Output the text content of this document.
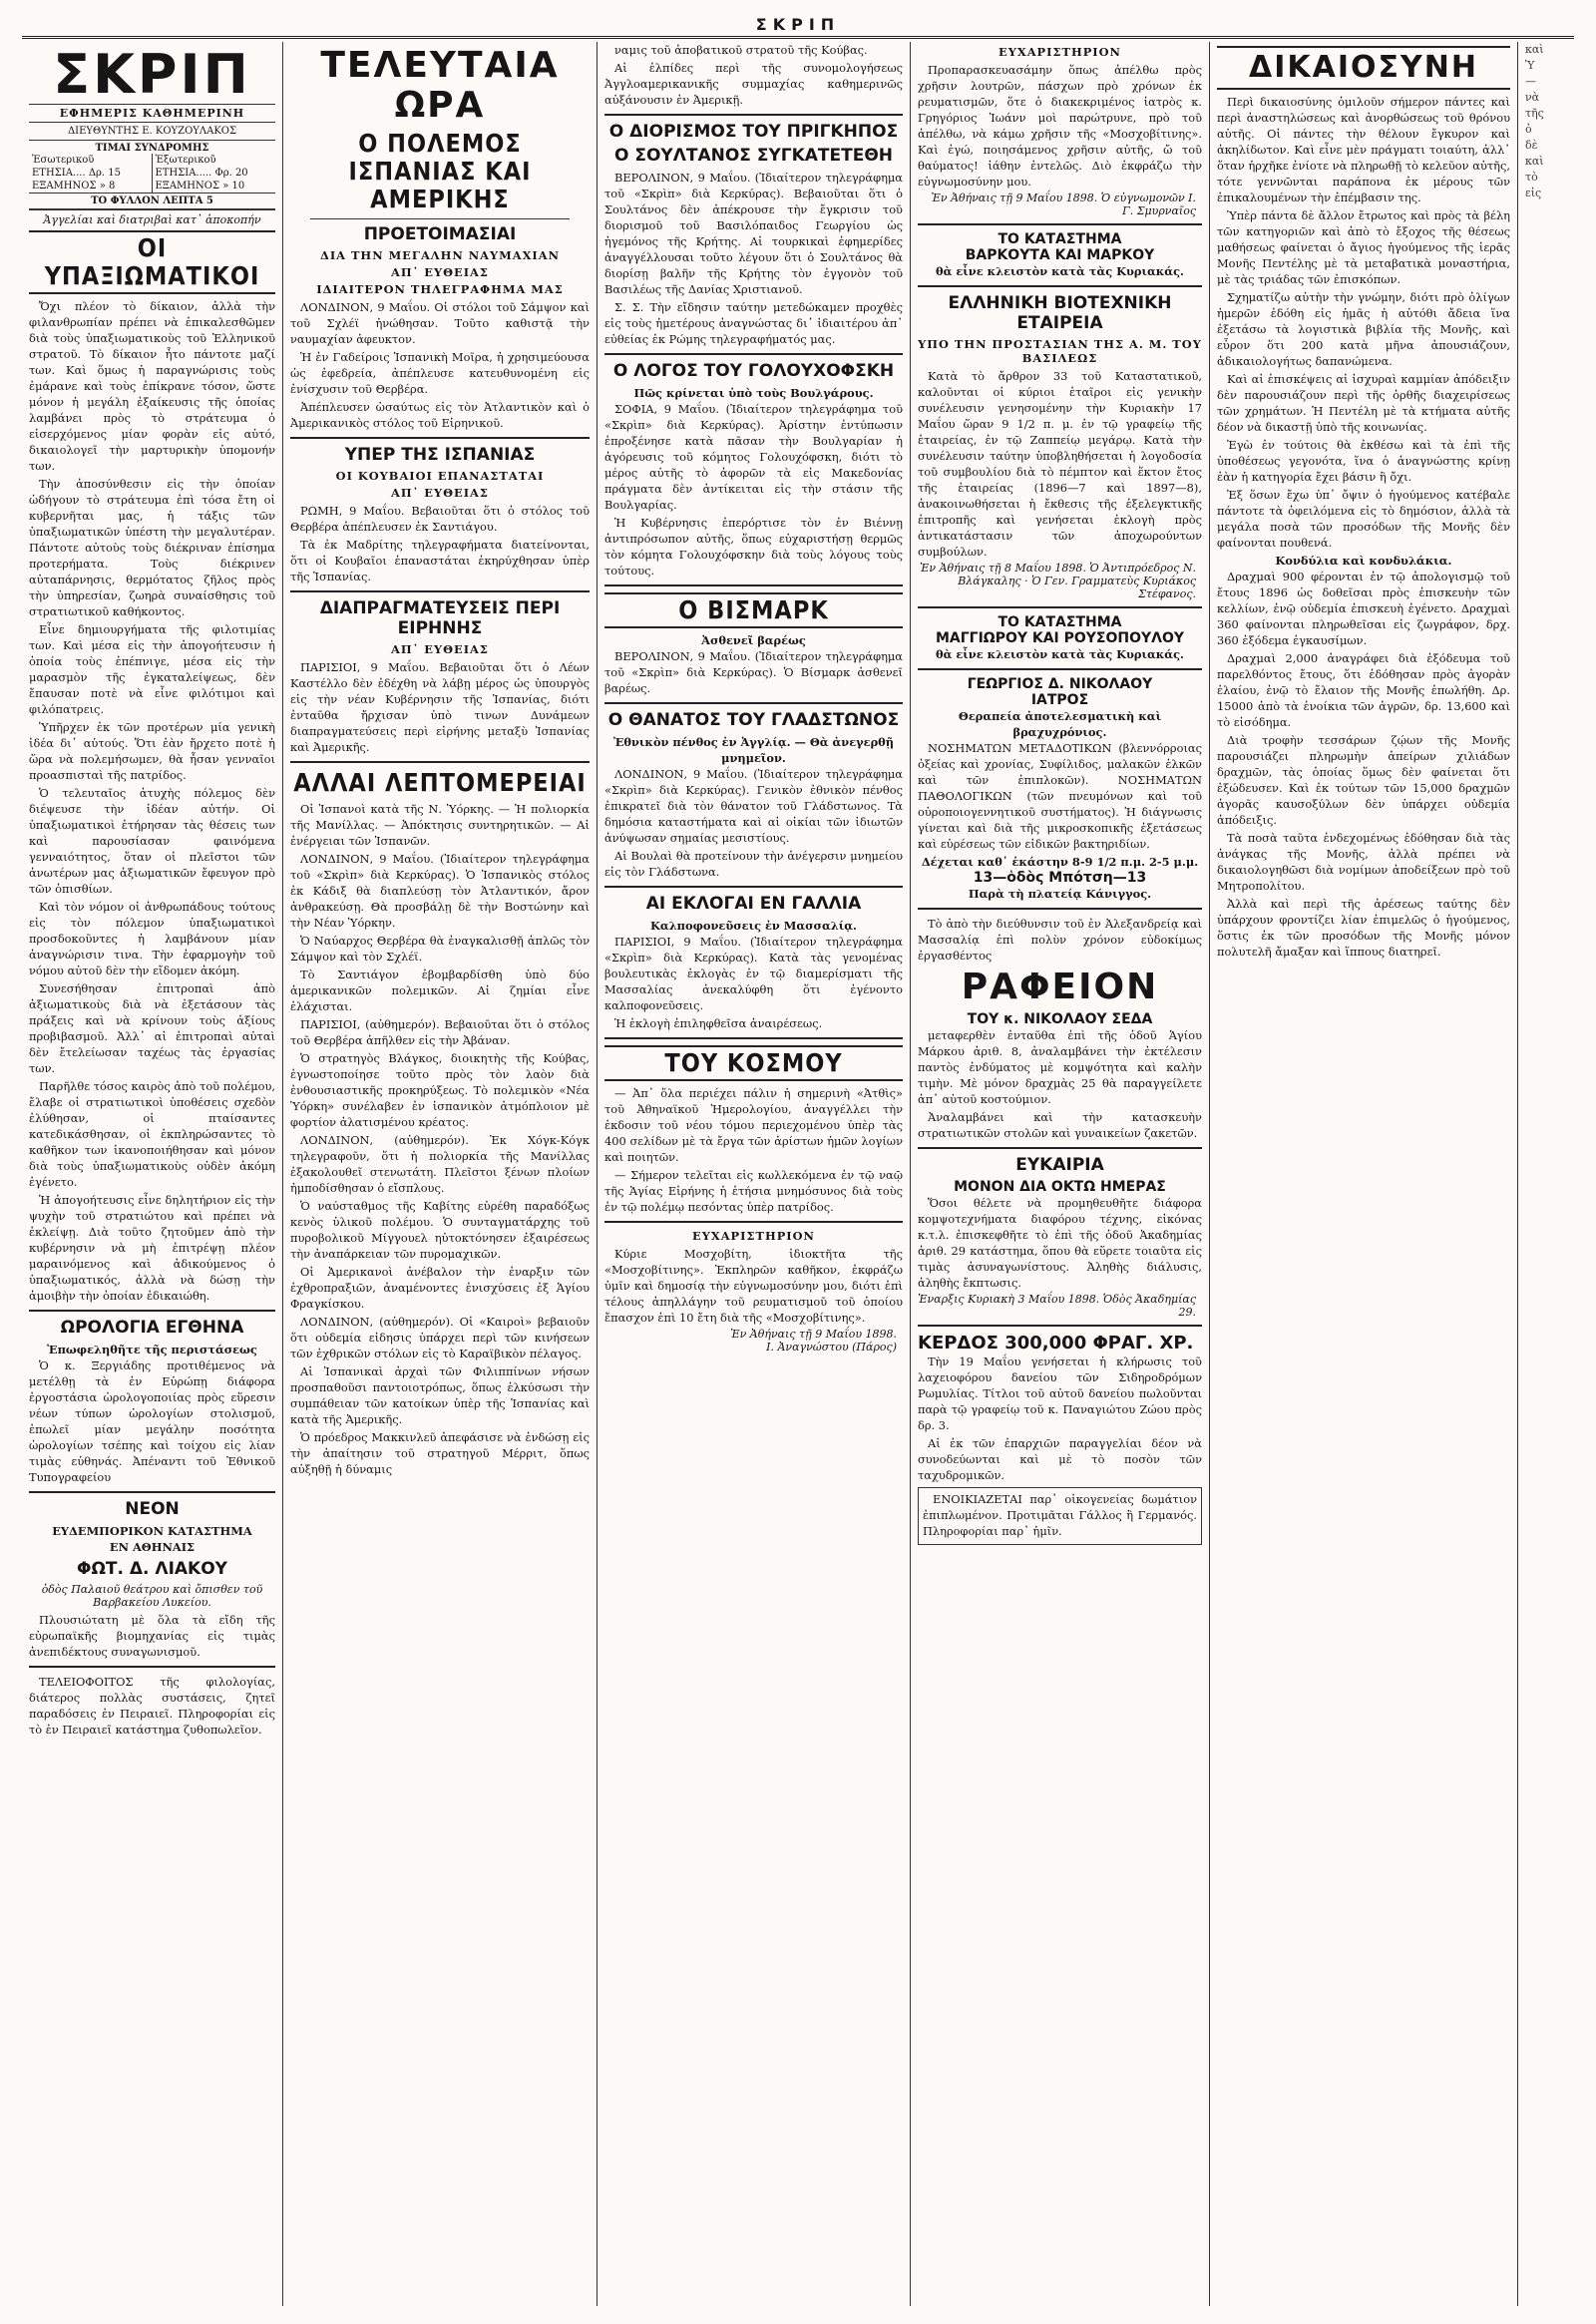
ΣΚΡΙΠ
ΣΚΡΙΠ
ΕΦΗΜΕΡΙΣ ΚΑΘΗΜΕΡΙΝΗ
ΔΙΕΥΘΥΝΤΗΣ Ε. ΚΟΥΖΟΥΛΑΚΟΣ
ΤΙΜΑΙ ΣΥΝΔΡΟΜΗΣ
Ἐσωτερικοῦ	Ἐξωτερικοῦ
ΕΤΗΣΙΑ.... Δρ. 15	ΕΤΗΣΙΑ..... Φρ. 20
ΕΞΑΜΗΝΟΣ » 8	ΕΞΑΜΗΝΟΣ » 10
ΤΟ ΦΥΛΛΟΝ ΛΕΠΤΑ 5
Ἀγγελίαι καὶ διατριβαὶ κατ᾿ ἀποκοπήν
ΟΙ ΥΠΑΞΙΩΜΑΤΙΚΟΙ

Ὄχι πλέον τὸ δίκαιον, ἀλλὰ τὴν φιλανθρωπίαν πρέπει νὰ ἐπικαλεσθῶμεν διὰ τοὺς ὑπαξιωματικοὺς τοῦ Ἑλληνικοῦ στρατοῦ. Τὸ δίκαιον ἦτο πάντοτε μαζί των. Καὶ ὅμως ἡ παραγνώρισις τοὺς ἐμάρανε καὶ τοὺς ἐπίκρανε τόσον, ὥστε μόνον ἡ μεγάλη ἐξαίκευσις τῆς ὁποίας λαμβάνει πρὸς τὸ στράτευμα ὁ εἰσερχόμενος μίαν φορὰν εἰς αὐτό, δικαιολογεῖ τὴν μαρτυρικὴν ὑπομονήν των.

Τὴν ἀποσύνθεσιν εἰς τὴν ὁποίαν ὡδήγουν τὸ στράτευμα ἐπὶ τόσα ἔτη οἱ κυβερνῆται μας, ἡ τάξις τῶν ὑπαξιωματικῶν ὑπέστη τὴν μεγαλυτέραν. Πάντοτε αὐτοὺς τοὺς διέκριναν ἐπίσημα προτερήματα. Τοὺς διέκρινεν αὐταπάρνησις, θερμότατος ζῆλος πρὸς τὴν ὑπηρεσίαν, ζωηρὰ συναίσθησις τοῦ στρατιωτικοῦ καθήκοντος.

Εἶνε δημιουργήματα τῆς φιλοτιμίας των. Καὶ μέσα εἰς τὴν ἀπογοήτευσιν ἡ ὁποία τοὺς ἐπέπνιγε, μέσα εἰς τὴν μαρασμὸν τῆς ἐγκαταλείψεως, δὲν ἔπαυσαν ποτὲ νὰ εἶνε φιλότιμοι καὶ φιλόπατρεις.

Ὑπῆρχεν ἐκ τῶν προτέρων μία γενικὴ ἰδέα δι᾿ αὐτούς. Ὅτι ἐὰν ἤρχετο ποτὲ ἡ ὥρα νὰ πολεμήσωμεν, θὰ ἦσαν γενναῖοι προασπισταὶ τῆς πατρίδος.

Ὁ τελευταῖος ἀτυχὴς πόλεμος δὲν διέψευσε τὴν ἰδέαν αὐτήν. Οἱ ὑπαξιωματικοὶ ἐτήρησαν τὰς θέσεις των καὶ παρουσίασαν φαινόμενα γενναιότητος, ὅταν οἱ πλεῖστοι τῶν ἀνωτέρων μας ἀξιωματικῶν ἔφευγον πρὸ τῶν ὀπισθίων.

Καὶ τὸν νόμον οἱ ἀνθρωπάδους τούτους εἰς τὸν πόλεμον ὑπαξιωματικοὶ προσδοκοῦντες ἡ λαμβάνουν μίαν ἀναγνώρισιν τινα. Τὴν ἐφαρμογὴν τοῦ νόμου αὐτοῦ δὲν τὴν εἴδομεν ἀκόμη.

Συνεσήθησαν ἐπιτροπαὶ ἀπὸ ἀξιωματικοὺς διὰ νὰ ἐξετάσουν τὰς πράξεις καὶ νὰ κρίνουν τοὺς ἀξίους προβιβασμοῦ. Ἀλλ᾿ αἱ ἐπιτροπαὶ αὐταὶ δὲν ἔτελείωσαν ταχέως τὰς ἐργασίας των.

Παρῆλθε τόσος καιρὸς ἀπὸ τοῦ πολέμου, ἔλαβε οἱ στρατιωτικοὶ ὑποθέσεις σχεδὸν ἐλύθησαν, οἱ πταίσαντες κατεδικάσθησαν, οἱ ἐκπληρώσαντες τὸ καθῆκον των ἱκανοποιήθησαν καὶ μόνον διὰ τοὺς ὑπαξιωματικοὺς οὐδὲν ἀκόμη ἐγένετο.

Ἡ ἀπογοήτευσις εἶνε δηλητήριον εἰς τὴν ψυχὴν τοῦ στρατιώτου καὶ πρέπει νὰ ἐκλείψῃ. Διὰ τοῦτο ζητοῦμεν ἀπὸ τὴν κυβέρνησιν νὰ μὴ ἐπιτρέψῃ πλέον μαραινόμενος καὶ ἀδικούμενος ὁ ὑπαξιωματικός, ἀλλὰ νὰ δώσῃ τὴν ἀμοιβὴν τὴν ὁποίαν ἐδικαιώθη.

ΩΡΟΛΟΓΙΑ ΕΓΘΗΝΑ
Ἐπωφεληθῆτε τῆς περιστάσεως

Ὁ κ. Ξεργιάδης προτιθέμενος νὰ μετέλθῃ τὰ ἐν Εὐρώπῃ διάφορα ἐργοστάσια ὡρολογοποιίας πρὸς εὕρεσιν νέων τύπων ὡρολογίων στολισμοῦ, ἐπωλεῖ μίαν μεγάλην ποσότητα ὡρολογίων τσέπης καὶ τοίχου εἰς λίαν τιμὰς εὐθηνάς. Ἀπέναντι τοῦ Ἐθνικοῦ Τυπογραφείου

ΝΕΟΝ
ΕΥΔΕΜΠΟΡΙΚΟΝ ΚΑΤΑΣΤΗΜΑ
ΕΝ ΑΘΗΝΑΙΣ
ΦΩΤ. Δ. ΛΙΑΚΟΥ
ὁδὸς Παλαιοῦ θεάτρου καὶ ὄπισθεν τοῦ Βαρβακείου Λυκείου.

Πλουσιώτατη μὲ ὅλα τὰ εἴδη τῆς εὐρωπαϊκῆς βιομηχανίας εἰς τιμὰς ἀνεπιδέκτους συναγωνισμοῦ.

ΤΕΛΕΙΟΦΟΙΤΟΣ τῆς φιλολογίας, διάτερος πολλὰς συστάσεις, ζητεῖ παραδόσεις ἐν Πειραιεῖ. Πληροφορίαι εἰς τὸ ἐν Πειραιεῖ κατάστημα ζυθοπωλεῖον.

ΤΕΛΕΥΤΑΙΑ ΩΡΑ
Ο ΠΟΛΕΜΟΣ ΙΣΠΑΝΙΑΣ ΚΑΙ ΑΜΕΡΙΚΗΣ
ΠΡΟΕΤΟΙΜΑΣΙΑΙ
ΔΙΑ ΤΗΝ ΜΕΓΑΛΗΝ ΝΑΥΜΑΧΙΑΝ
ΑΠ᾿ ΕΥΘΕΙΑΣ
ΙΔΙΑΙΤΕΡΟΝ ΤΗΛΕΓΡΑΦΗΜΑ ΜΑΣ

ΛΟΝΔΙΝΟΝ, 9 Μαΐου. Οἱ στόλοι τοῦ Σάμψον καὶ τοῦ Σχλέϊ ἡνώθησαν. Τοῦτο καθιστᾷ τὴν ναυμαχίαν ἀφευκτον.

Ἡ ἐν Γαδείροις Ἱσπανικὴ Μοῖρα, ἡ χρησιμεύουσα ὡς ἐφεδρεία, ἀπέπλευσε κατευθυνομένη εἰς ἐνίσχυσιν τοῦ Θερβέρα.

Ἀπέπλευσεν ὡσαύτως εἰς τὸν Ἀτλαντικὸν καὶ ὁ Ἀμερικανικὸς στόλος τοῦ Εἰρηνικοῦ.

ΥΠΕΡ ΤΗΣ ΙΣΠΑΝΙΑΣ
ΟΙ ΚΟΥΒΑΙΟΙ ΕΠΑΝΑΣΤΑΤΑΙ
ΑΠ᾿ ΕΥΘΕΙΑΣ

ΡΩΜΗ, 9 Μαΐου. Βεβαιοῦται ὅτι ὁ στόλος τοῦ Θερβέρα ἀπέπλευσεν ἐκ Σαντιάγου.

Τὰ ἐκ Μαδρίτης τηλεγραφήματα διατείνονται, ὅτι οἱ Κουβαῖοι ἐπαναστάται ἐκηρύχθησαν ὑπὲρ τῆς Ἱσπανίας.

ΔΙΑΠΡΑΓΜΑΤΕΥΣΕΙΣ ΠΕΡΙ ΕΙΡΗΝΗΣ
ΑΠ᾿ ΕΥΘΕΙΑΣ

ΠΑΡΙΣΙΟΙ, 9 Μαΐου. Βεβαιοῦται ὅτι ὁ Λέων Καστέλλο δὲν ἐδέχθη νὰ λάβῃ μέρος ὡς ὑπουργὸς εἰς τὴν νέαν Κυβέρνησιν τῆς Ἱσπανίας, διότι ἐνταῦθα ἤρχισαν ὑπὸ τινων Δυνάμεων διαπραγματεύσεις περὶ εἰρήνης μεταξὺ Ἱσπανίας καὶ Ἀμερικῆς.

ΑΛΛΑΙ ΛΕΠΤΟΜΕΡΕΙΑΙ

Οἱ Ἱσπανοὶ κατὰ τῆς Ν. Ὑόρκης. — Ἡ πολιορκία τῆς Μανίλλας. — Ἀπόκτησις συντηρητικῶν. — Αἱ ἐνέργειαι τῶν Ἱσπανῶν.

ΛΟΝΔΙΝΟΝ, 9 Μαΐου. (Ἰδιαίτερον τηλεγράφημα τοῦ «Σκρὶπ» διὰ Κερκύρας). Ὁ Ἱσπανικὸς στόλος ἐκ Κάδιξ θὰ διαπλεύσῃ τὸν Ἀτλαντικόν, ἄρον ἀνθρακεύσῃ. Θὰ προσβάλῃ δὲ τὴν Βοστώνην καὶ τὴν Νέαν Ὑόρκην.

Ὁ Ναύαρχος Θερβέρα θὰ ἐναγκαλισθῇ ἁπλῶς τὸν Σάμψον καὶ τὸν Σχλέϊ.

Τὸ Σαντιάγον ἐβομβαρδίσθη ὑπὸ δύο ἀμερικανικῶν πολεμικῶν. Αἱ ζημίαι εἶνε ἐλάχισται.

ΠΑΡΙΣΙΟΙ, (αὐθημερόν). Βεβαιοῦται ὅτι ὁ στόλος τοῦ Θερβέρα ἀπῆλθεν εἰς τὴν Ἀβάναν.

Ὁ στρατηγὸς Βλάγκος, διοικητὴς τῆς Κούβας, ἐγνωστοποίησε τοῦτο πρὸς τὸν λαὸν διὰ ἐνθουσιαστικῆς προκηρύξεως. Τὸ πολεμικὸν «Νέα Ὑόρκη» συνέλαβεν ἐν ἱσπανικὸν ἀτμόπλοιον μὲ φορτίον ἀλατισμένου κρέατος.

ΛΟΝΔΙΝΟΝ, (αὐθημερόν). Ἐκ Χόγκ-Κόγκ τηλεγραφοῦν, ὅτι ἡ πολιορκία τῆς Μανίλλας ἐξακολουθεῖ στενωτάτη. Πλεῖστοι ξένων πλοίων ἠμποδίσθησαν ὁ εἴσπλους.

Ὁ ναύσταθμος τῆς Καβίτης εὑρέθη παραδόξως κενὸς ὑλικοῦ πολέμου. Ὁ συνταγματάρχης τοῦ πυροβολικοῦ Μίγγουελ ηὐτοκτόνησεν ἐξαιρέσεως τὴν ἀναπάρκειαν τῶν πυρομαχικῶν.

Οἱ Ἀμερικανοὶ ἀνέβαλον τὴν ἐναρξιν τῶν ἐχθροπραξιῶν, ἀναμένοντες ἐνισχύσεις ἐξ Ἁγίου Φραγκίσκου.

ΛΟΝΔΙΝΟΝ, (αὐθημερόν). Οἱ «Καιροὶ» βεβαιοῦν ὅτι οὐδεμία εἰδησις ὑπάρχει περὶ τῶν κινήσεων τῶν ἐχθρικῶν στόλων εἰς τὸ Καραϊβικὸν πέλαγος.

Αἱ Ἱσπανικαὶ ἀρχαὶ τῶν Φιλιππίνων νήσων προσπαθοῦσι παντοιοτρόπως, ὅπως ἑλκύσωσι τὴν συμπάθειαν τῶν κατοίκων ὑπὲρ τῆς Ἱσπανίας καὶ κατὰ τῆς Ἀμερικῆς.

Ὁ πρόεδρος Μακκινλεῦ ἀπεφάσισε νὰ ἐνδώσῃ εἰς τὴν ἀπαίτησιν τοῦ στρατηγοῦ Μέρριτ, ὅπως αὐξηθῇ ἡ δύναμις

ναμις τοῦ ἀποβατικοῦ στρατοῦ τῆς Κούβας.

Αἱ ἐλπίδες περὶ τῆς συνομολογήσεως Ἀγγλοαμερικανικῆς συμμαχίας καθημερινῶς αὐξάνουσιν ἐν Ἀμερικῇ.

Ο ΔΙΟΡΙΣΜΟΣ ΤΟΥ ΠΡΙΓΚΗΠΟΣ
Ο ΣΟΥΛΤΑΝΟΣ ΣΥΓΚΑΤΕΤΕΘΗ

ΒΕΡΟΛΙΝΟΝ, 9 Μαΐου. (Ἰδιαίτερον τηλεγράφημα τοῦ «Σκρὶπ» διὰ Κερκύρας). Βεβαιοῦται ὅτι ὁ Σουλτάνος δὲν ἀπέκρουσε τὴν ἔγκρισιν τοῦ διορισμοῦ τοῦ Βασιλόπαιδος Γεωργίου ὡς ἡγεμόνος τῆς Κρήτης. Αἱ τουρκικαὶ ἐφημερίδες ἀναγγέλλουσαι τοῦτο λέγουν ὅτι ὁ Σουλτάνος θὰ διορίσῃ βαλῆν τῆς Κρήτης τὸν ἐγγονὸν τοῦ Βασιλέως τῆς Δανίας Χριστιανοῦ.

Σ. Σ. Τὴν εἴδησιν ταύτην μετεδώκαμεν προχθὲς εἰς τοὺς ἡμετέρους ἀναγνώστας δι᾿ ἰδιαιτέρου ἀπ᾿ εὐθείας ἐκ Ρώμης τηλεγραφήματός μας.

Ο ΛΟΓΟΣ ΤΟΥ ΓΟΛΟΥΧΟΦΣΚΗ
Πῶς κρίνεται ὑπὸ τοὺς Βουλγάρους.

ΣΟΦΙΑ, 9 Μαΐου. (Ἰδιαίτερον τηλεγράφημα τοῦ «Σκρὶπ» διὰ Κερκύρας). Ἀρίστην ἐντύπωσιν ἐπροξένησε κατὰ πᾶσαν τὴν Βουλγαρίαν ἡ ἀγόρευσις τοῦ κόμητος Γολουχόφσκη, διότι τὸ μέρος αὐτῆς τὸ ἀφορῶν τὰ εἰς Μακεδονίας πράγματα δὲν ἀντίκειται εἰς τὴν στάσιν τῆς Βουλγαρίας.

Ἡ Κυβέρνησις ἐπερόρτισε τὸν ἐν Βιέννῃ ἀντιπρόσωπον αὐτῆς, ὅπως εὐχαριστήσῃ θερμῶς τὸν κόμητα Γολουχόφσκην διὰ τοὺς λόγους τοὺς τούτους.

Ο ΒΙΣΜΑΡΚ
Ἀσθενεῖ βαρέως

ΒΕΡΟΛΙΝΟΝ, 9 Μαΐου. (Ἰδιαίτερον τηλεγράφημα τοῦ «Σκρὶπ» διὰ Κερκύρας). Ὁ Βίσμαρκ ἀσθενεῖ βαρέως.

Ο ΘΑΝΑΤΟΣ ΤΟΥ ΓΛΑΔΣΤΩΝΟΣ
Ἐθνικὸν πένθος ἐν Ἀγγλίᾳ. — Θὰ ἀνεγερθῇ μνημεῖον.

ΛΟΝΔΙΝΟΝ, 9 Μαΐου. (Ἰδιαίτερον τηλεγράφημα «Σκρὶπ» διὰ Κερκύρας). Γενικὸν ἐθνικὸν πένθος ἐπικρατεῖ διὰ τὸν θάνατον τοῦ Γλάδστωνος. Τὰ δημόσια καταστήματα καὶ αἱ οἰκίαι τῶν ἰδιωτῶν ἀνύψωσαν σημαίας μεσιστίους.

Αἱ Βουλαὶ θὰ προτείνουν τὴν ἀνέγερσιν μνημείου εἰς τὸν Γλάδστωνα.

ΑΙ ΕΚΛΟΓΑΙ ΕΝ ΓΑΛΛΙΑ
Καλποφονεῦσεις ἐν Μασσαλίᾳ.

ΠΑΡΙΣΙΟΙ, 9 Μαΐου. (Ἰδιαίτερον τηλεγράφημα «Σκρὶπ» διὰ Κερκύρας). Κατὰ τὰς γενομένας βουλευτικὰς ἐκλογὰς ἐν τῷ διαμερίσματι τῆς Μασσαλίας ἀνεκαλύφθη ὅτι ἐγένοντο καλποφονεῦσεις.

Ἡ ἐκλογὴ ἐπιληφθεῖσα ἀναιρέσεως.

ΤΟΥ ΚΟΣΜΟΥ

— Ἀπ᾿ ὅλα περιέχει πάλιν ἡ σημερινὴ «Ἀτθὶς» τοῦ Ἀθηναϊκοῦ Ἡμερολογίου, ἀναγγέλλει τὴν ἐκδοσιν τοῦ νέου τόμου περιεχομένου ὑπὲρ τὰς 400 σελίδων μὲ τὰ ἔργα τῶν ἀρίστων ἡμῶν λογίων καὶ ποιητῶν.

— Σήμερον τελεῖται εἰς κωλλεκόμενα ἐν τῷ ναῷ τῆς Ἁγίας Εἰρήνης ἡ ἐτήσια μνημόσυνος διὰ τοὺς ἐν τῷ πολέμῳ πεσόντας ὑπὲρ πατρίδος.

ΕΥΧΑΡΙΣΤΗΡΙΟΝ

Κύριε Μοσχοβίτη, ἰδιοκτῆτα τῆς «Μοσχοβίτινης». Ἐκπληρῶν καθῆκον, ἐκφράζω ὑμῖν καὶ δημοσίᾳ τὴν εὐγνωμοσύνην μου, διότι ἐπὶ τέλους ἀπηλλάγην τοῦ ρευματισμοῦ τοῦ ὁποίου ἔπασχον ἐπὶ 10 ἔτη διὰ τῆς «Μοσχοβίτινης».

Ἐν Ἀθήναις τῇ 9 Μαΐου 1898.
Ι. Ἀναγνώστου (Πάρος)
ΕΥΧΑΡΙΣΤΗΡΙΟΝ

Προπαρασκευασάμην ὅπως ἀπέλθω πρὸς χρῆσιν λουτρῶν, πάσχων πρὸ χρόνων ἐκ ρευματισμῶν, ὅτε ὁ διακεκριμένος ἰατρὸς κ. Γρηγόριος Ἰωάνν μοὶ παρώτρυνε, πρὸ τοῦ ἀπέλθω, νὰ κάμω χρῆσιν τῆς «Μοσχοβίτινης». Καὶ ἐγώ, ποιησάμενος χρῆσιν αὐτῆς, ὤ τοῦ θαύματος! ἰάθην ἐντελῶς. Διὸ ἐκφράζω τὴν εὐγνωμοσύνην μου.

Ἐν Ἀθήναις τῇ 9 Μαΐου 1898. Ὁ εὐγνωμονῶν Ι. Γ. Σμυρναῖος
ΤΟ ΚΑΤΑΣΤΗΜΑ
ΒΑΡΚΟΥΤΑ ΚΑΙ ΜΑΡΚΟΥ
θὰ εἶνε κλειστὸν κατὰ τὰς Κυριακάς.
ΕΛΛΗΝΙΚΗ ΒΙΟΤΕΧΝΙΚΗ ΕΤΑΙΡΕΙΑ
ΥΠΟ ΤΗΝ ΠΡΟΣΤΑΣΙΑΝ ΤΗΣ Α. Μ. ΤΟΥ ΒΑΣΙΛΕΩΣ

Κατὰ τὸ ἄρθρον 33 τοῦ Καταστατικοῦ, καλοῦνται οἱ κύριοι ἑταῖροι εἰς γενικὴν συνέλευσιν γενησομένην τὴν Κυριακὴν 17 Μαΐου ὥραν 9 1/2 π. μ. ἐν τῷ γραφείῳ τῆς ἑταιρείας, ἐν τῷ Ζαππείῳ μεγάρῳ. Κατὰ τὴν συνέλευσιν ταύτην ὑποβληθήσεται ἡ λογοδοσία τοῦ συμβουλίου διὰ τὸ πέμπτον καὶ ἕκτον ἔτος τῆς ἑταιρείας (1896—7 καὶ 1897—8), ἀνακοινωθήσεται ἡ ἔκθεσις τῆς ἐξελεγκτικῆς ἐπιτροπῆς καὶ γενήσεται ἐκλογὴ πρὸς ἀντικατάστασιν τῶν ἀποχωρούντων συμβούλων.

Ἐν Ἀθήναις τῇ 8 Μαΐου 1898. Ὁ Ἀντιπρόεδρος Ν. Βλάγκαλης · Ὁ Γεν. Γραμματεὺς Κυριάκος Στέφανος.
ΤΟ ΚΑΤΑΣΤΗΜΑ
ΜΑΓΓΙΩΡΟΥ ΚΑΙ ΡΟΥΣΟΠΟΥΛΟΥ
θὰ εἶνε κλειστὸν κατὰ τὰς Κυριακάς.
ΓΕΩΡΓΙΟΣ Δ. ΝΙΚΟΛΑΟΥ
ΙΑΤΡΟΣ
Θεραπεία ἀποτελεσματικὴ καὶ βραχυχρόνιος.

ΝΟΣΗΜΑΤΩΝ ΜΕΤΑΔΟΤΙΚΩΝ (βλεννόρροιας ὀξείας καὶ χρονίας, Συφίλιδος, μαλακῶν ἑλκῶν καὶ τῶν ἐπιπλοκῶν). ΝΟΣΗΜΑΤΩΝ ΠΑΘΟΛΟΓΙΚΩΝ (τῶν πνευμόνων καὶ τοῦ οὐροποιογεννητικοῦ συστήματος). Ἡ διάγνωσις γίνεται καὶ διὰ τῆς μικροσκοπικῆς ἐξετάσεως καὶ εὑρέσεως τῶν εἰδικῶν βακτηριδίων.

Δέχεται καθ᾿ ἑκάστην 8-9 1/2 π.μ. 2-5 μ.μ.
13—ὁδὸς Μπότση—13
Παρὰ τὴ πλατείᾳ Κάνιγγος.

Τὸ ἀπὸ τὴν διεύθυνσιν τοῦ ἐν Ἀλεξανδρείᾳ καὶ Μασσαλίᾳ ἐπὶ πολὺν χρόνον εὐδοκίμως ἐργασθέντος

ΡΑΦΕΙΟΝ
ΤΟΥ κ. ΝΙΚΟΛΑΟΥ ΣΕΔΑ

μεταφερθὲν ἐνταῦθα ἐπὶ τῆς ὁδοῦ Ἁγίου Μάρκου ἀριθ. 8, ἀναλαμβάνει τὴν ἐκτέλεσιν παντὸς ἐνδύματος μὲ κομψότητα καὶ καλὴν τιμὴν. Μὲ μόνον δραχμὰς 25 θὰ παραγγείλετε ἀπ᾿ αὐτοῦ κοστούμιον.

Ἀναλαμβάνει καὶ τὴν κατασκευὴν στρατιωτικῶν στολῶν καὶ γυναικείων ζακετῶν.

ΕΥΚΑΙΡΙΑ
ΜΟΝΟΝ ΔΙΑ ΟΚΤΩ ΗΜΕΡΑΣ

Ὅσοι θέλετε νὰ προμηθευθῆτε διάφορα κομψοτεχνήματα διαφόρου τέχνης, εἰκόνας κ.τ.λ. ἐπισκεφθῆτε τὸ ἐπὶ τῆς ὁδοῦ Ἀκαδημίας ἀριθ. 29 κατάστημα, ὅπου θὰ εὕρετε τοιαῦτα εἰς τιμὰς ἀσυναγωνίστους. Ἀληθὴς διάλυσις, ἀληθὴς ἔκπτωσις.

Ἐναρξις Κυριακὴ 3 Μαΐου 1898. Ὁδὸς Ἀκαδημίας 29.
ΚΕΡΔΟΣ 300,000 ΦΡΑΓ. ΧΡ.

Τὴν 19 Μαΐου γενήσεται ἡ κλήρωσις τοῦ λαχειοφόρου δανείου τῶν Σιδηροδρόμων Ρωμυλίας. Τίτλοι τοῦ αὐτοῦ δανείου πωλοῦνται παρὰ τῷ γραφείῳ τοῦ κ. Παναγιώτου Ζώου πρὸς δρ. 3.

Αἱ ἐκ τῶν ἐπαρχιῶν παραγγελίαι δέον νὰ συνοδεύωνται καὶ μὲ τὸ ποσὸν τῶν ταχυδρομικῶν.

ΕΝΟΙΚΙΑΖΕΤΑΙ παρ᾿ οἰκογενείας δωμάτιον ἐπιπλωμένον. Προτιμᾶται Γάλλος ἢ Γερμανός. Πληροφορίαι παρ᾿ ἡμῖν.

ΔΙΚΑΙΟΣΥΝΗ

Περὶ δικαιοσύνης ὁμιλοῦν σήμερον πάντες καὶ περὶ ἀναστηλώσεως καὶ ἀνορθώσεως τοῦ θρόνου αὐτῆς. Οἱ πάντες τὴν θέλουν ἔγκυρον καὶ ἀκηλίδωτον. Καὶ εἶνε μὲν πράγματι τοιαύτη, ἀλλ᾿ ὅταν ἠρχῆκε ἐνίοτε νὰ πληρωθῇ τὸ κελεῦον αὐτῆς, τότε γεννῶνται παράπονα ἐκ μέρους τῶν ἐπικαλουμένων τὴν ἐπέμβασιν της.

Ὑπὲρ πάντα δὲ ἄλλον ἔτρωτος καὶ πρὸς τὰ βέλη τῶν κατηγοριῶν καὶ ἀπὸ τὸ ἔξοχος τῆς θέσεως μαθήσεως φαίνεται ὁ ἄγιος ἡγούμενος τῆς ἱερᾶς Μονῆς Πεντέλης μὲ τὰ μεταβατικὰ μοναστήρια, μὲ τὰς τριάδας τῶν ἐπισκόπων.

Σχηματίζω αὐτὴν τὴν γνώμην, διότι πρὸ ὀλίγων ἡμερῶν ἐδόθη εἰς ἡμᾶς ἡ αὐτόθι ἄδεια ἵνα ἐξετάσω τὰ λογιστικὰ βιβλία τῆς Μονῆς, καὶ εὗρον ὅτι 200 κατὰ μῆνα ἀπουσιάζουν, ἀδικαιολογήτως δαπανώμενα.

Καὶ αἱ ἐπισκέψεις αἱ ἰσχυραὶ καμμίαν ἀπόδειξιν δὲν παρουσιάζουν περὶ τῆς ὀρθῆς διαχειρίσεως τῶν χρημάτων. Ἡ Πεντέλη μὲ τὰ κτήματα αὐτῆς δέον νὰ δικαστῇ ὑπὸ τῆς κοινωνίας.

Ἐγὼ ἐν τούτοις θὰ ἐκθέσω καὶ τὰ ἐπὶ τῆς ὑποθέσεως γεγονότα, ἵνα ὁ ἀναγνώστης κρίνῃ ἐὰν ἡ κατηγορία ἔχει βάσιν ἢ ὄχι.

Ἐξ ὅσων ἔχω ὑπ᾿ ὄψιν ὁ ἡγούμενος κατέβαλε πάντοτε τὰ ὀφειλόμενα εἰς τὸ δημόσιον, ἀλλὰ τὰ μεγάλα ποσὰ τῶν προσόδων τῆς Μονῆς δὲν φαίνονται πουθενά.

Κονδύλια καὶ κονδυλάκια.

Δραχμαὶ 900 φέρονται ἐν τῷ ἀπολογισμῷ τοῦ ἔτους 1896 ὡς δοθεῖσαι πρὸς ἐπισκευὴν τῶν κελλίων, ἐνῷ οὐδεμία ἐπισκευὴ ἐγένετο. Δραχμαὶ 360 φαίνονται πληρωθεῖσαι εἰς ζωγράφον, δρχ. 360 ἐξόδεμα ἐγκαυσίμων.

Δραχμαὶ 2,000 ἀναγράφει διὰ ἐξόδευμα τοῦ παρελθόντος ἔτους, ὅτι ἐδόθησαν πρὸς ἀγορὰν ἐλαίου, ἐνῷ τὸ ἔλαιον τῆς Μονῆς ἐπωλήθη. Δρ. 15000 ἀπὸ τὰ ἐνοίκια τῶν ἀγρῶν, δρ. 13,600 καὶ τὸ εἰσόδημα.

Διὰ τροφὴν τεσσάρων ζῴων τῆς Μονῆς παρουσιάζει πληρωμὴν ἀπείρων χιλιάδων δραχμῶν, τὰς ὁποίας ὅμως δὲν φαίνεται ὅτι ἐξώδευσεν. Καὶ ἐκ τούτων τῶν 15,000 δραχμῶν ἀγορᾶς καυσοξύλων δὲν ὑπάρχει οὐδεμία ἀπόδειξις.

Τὰ ποσὰ ταῦτα ἐνδεχομένως ἐδόθησαν διὰ τὰς ἀνάγκας τῆς Μονῆς, ἀλλὰ πρέπει νὰ δικαιολογηθῶσι διὰ νομίμων ἀποδείξεων πρὸ τοῦ Μητροπολίτου.

Ἀλλὰ καὶ περὶ τῆς ἀρέσεως ταύτης δὲν ὑπάρχουν φροντίζει λίαν ἐπιμελῶς ὁ ἡγούμενος, ὅστις ἐκ τῶν προσόδων τῆς Μονῆς μόνον πολυτελῆ ἄμαξαν καὶ ἵππους διατηρεῖ.

καὶ
Ὑ
—
νὰ
τῆς
ὁ
δὲ
καὶ
τὸ
εἰς
